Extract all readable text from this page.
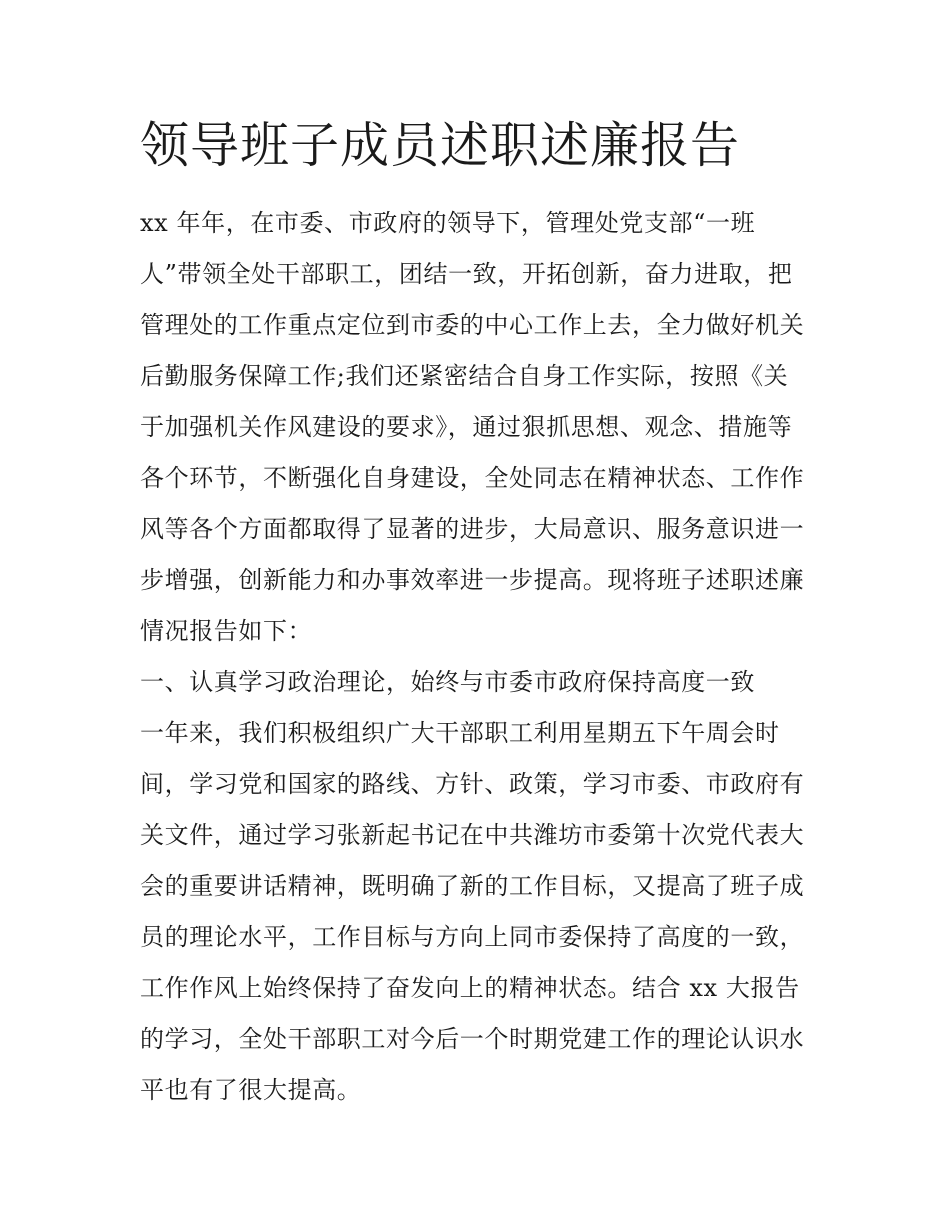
领导班子成员述职述廉报告
xx 年年，在市委、市政府的领导下，管理处党支部“一班
人”带领全处干部职工，团结一致，开拓创新，奋力进取，把
管理处的工作重点定位到市委的中心工作上去，全力做好机关
后勤服务保障工作;我们还紧密结合自身工作实际，按照《关
于加强机关作风建设的要求》，通过狠抓思想、观念、措施等
各个环节，不断强化自身建设，全处同志在精神状态、工作作
风等各个方面都取得了显著的进步，大局意识、服务意识进一
步增强，创新能力和办事效率进一步提高。现将班子述职述廉
情况报告如下：
一、认真学习政治理论，始终与市委市政府保持高度一致
一年来，我们积极组织广大干部职工利用星期五下午周会时
间，学习党和国家的路线、方针、政策，学习市委、市政府有
关文件，通过学习张新起书记在中共潍坊市委第十次党代表大
会的重要讲话精神，既明确了新的工作目标，又提高了班子成
员的理论水平，工作目标与方向上同市委保持了高度的一致，
工作作风上始终保持了奋发向上的精神状态。结合 xx 大报告
的学习，全处干部职工对今后一个时期党建工作的理论认识水
平也有了很大提高。
